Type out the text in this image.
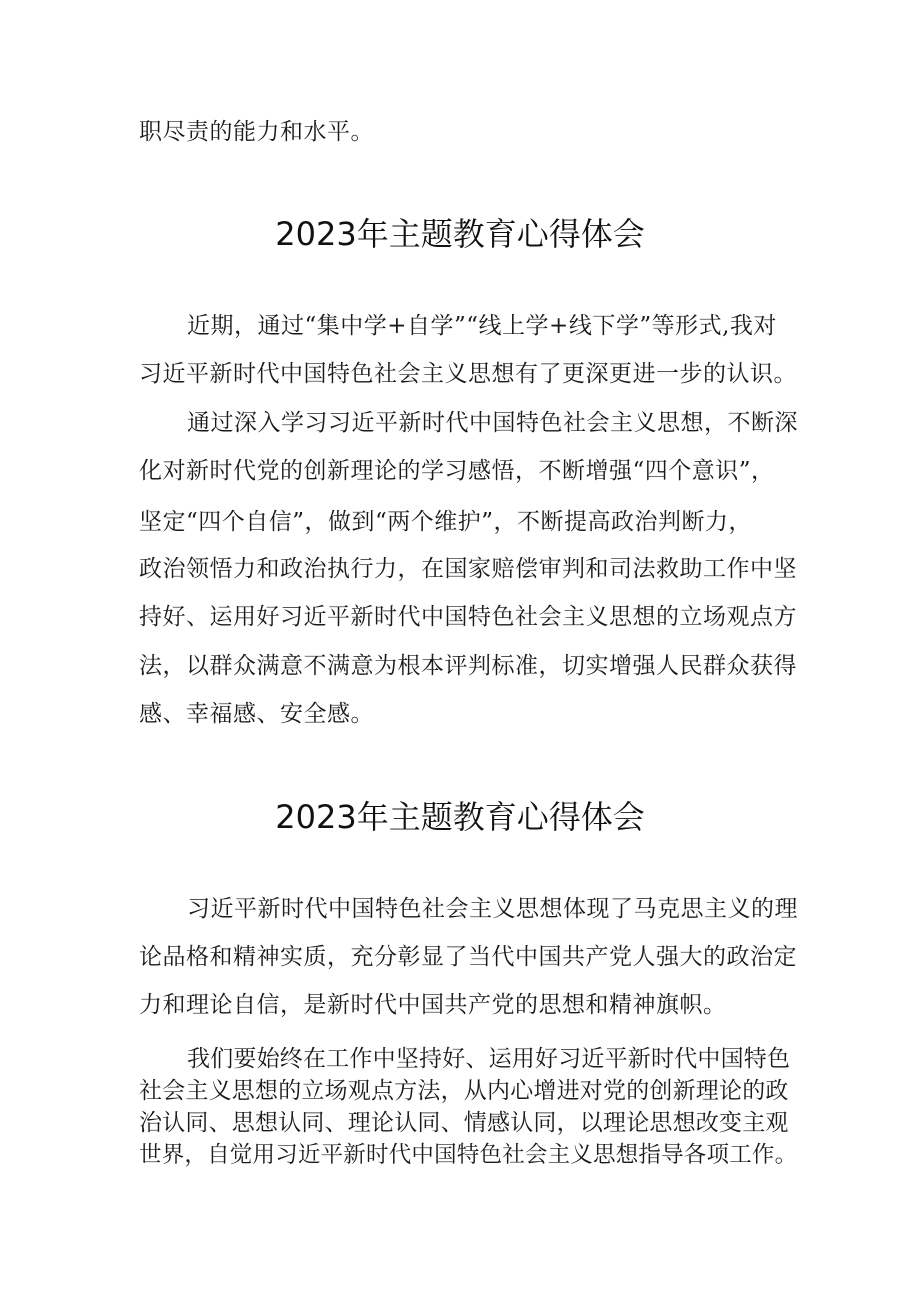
职尽责的能力和水平。
2023年主题教育心得体会
近期，通过“集中学+自学”“线上学+线下学”等形式,我对
习近平新时代中国特色社会主义思想有了更深更进一步的认识。
通过深入学习习近平新时代中国特色社会主义思想，不断深
化对新时代党的创新理论的学习感悟，不断增强“四个意识”，
坚定“四个自信”，做到“两个维护”，不断提高政治判断力，
政治领悟力和政治执行力，在国家赔偿审判和司法救助工作中坚
持好、运用好习近平新时代中国特色社会主义思想的立场观点方
法，以群众满意不满意为根本评判标准，切实增强人民群众获得
感、幸福感、安全感。
2023年主题教育心得体会
习近平新时代中国特色社会主义思想体现了马克思主义的理
论品格和精神实质，充分彰显了当代中国共产党人强大的政治定
力和理论自信，是新时代中国共产党的思想和精神旗帜。
我们要始终在工作中坚持好、运用好习近平新时代中国特色
社会主义思想的立场观点方法，从内心增进对党的创新理论的政
治认同、思想认同、理论认同、情感认同，以理论思想改变主观
世界，自觉用习近平新时代中国特色社会主义思想指导各项工作。
